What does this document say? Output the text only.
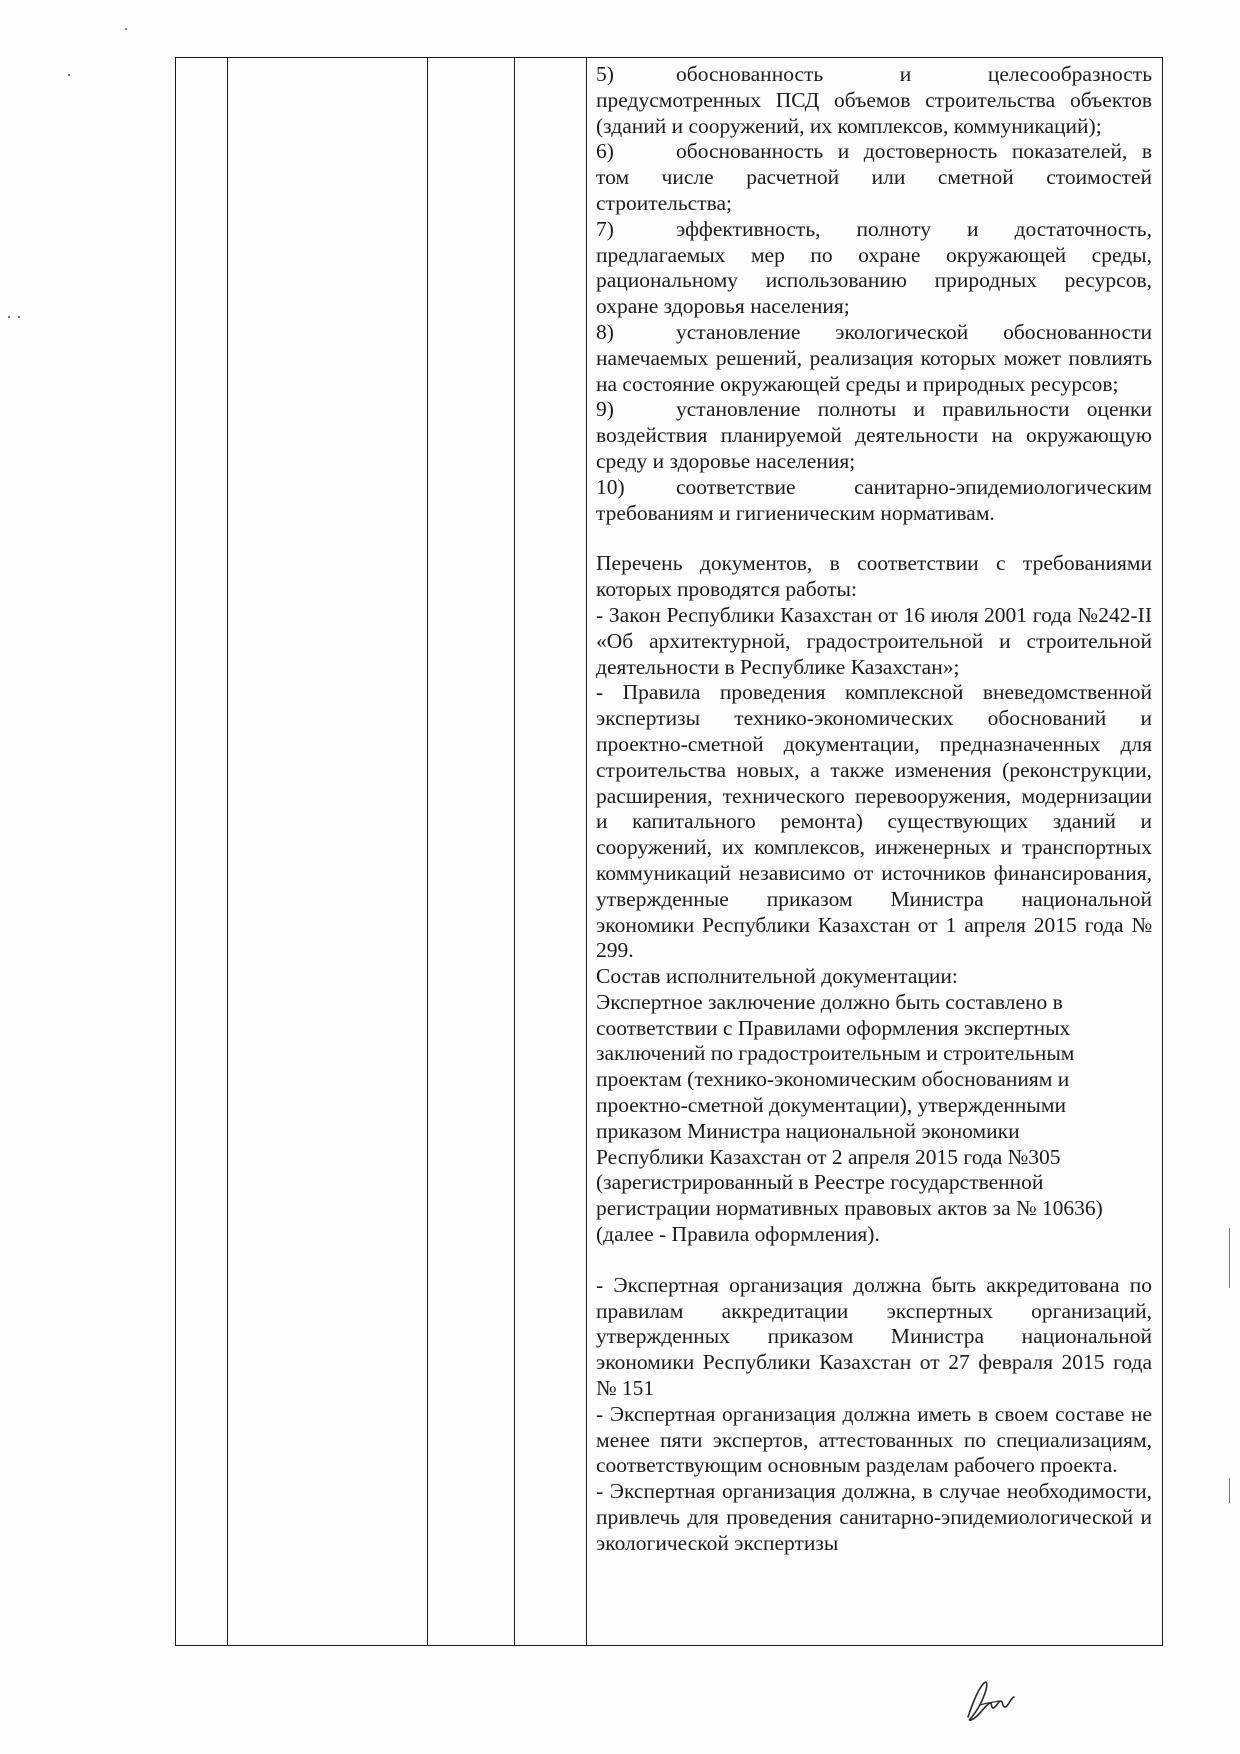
5)	обоснованность и целесообразность предусмотренных ПСД объемов строительства объектов (зданий и сооружений, их комплексов, коммуникаций);

6)	обоснованность и достоверность показателей, в том числе расчетной или сметной стоимостей строительства;

7)	эффективность, полноту и достаточность, предлагаемых мер по охране окружающей среды, рациональному использованию природных ресурсов, охране здоровья населения;

8)	установление экологической обоснованности намечаемых решений, реализация которых может повлиять на состояние окружающей среды и природных ресурсов;

9)	установление полноты и правильности оценки воздействия планируемой деятельности на окружающую среду и здоровье населения;

10) соответствие санитарно-эпидемиологическим требованиям и гигиеническим нормативам.

Перечень документов, в соответствии с требованиями которых проводятся работы:

- Закон Республики Казахстан от 16 июля 2001 года №242-II «Об архитектурной, градостроительной и строительной деятельности в Республике Казахстан»;

- Правила проведения комплексной вневедомственной экспертизы технико-экономических обоснований и проектно-сметной документации, предназначенных для строительства новых, а также изменения (реконструкции, расширения, технического перевооружения, модернизации и капитального ремонта) существующих зданий и сооружений, их комплексов, инженерных и транспортных коммуникаций независимо от источников финансирования, утвержденные приказом Министра национальной экономики Республики Казахстан от 1 апреля 2015 года № 299.

Состав исполнительной документации:

Экспертное заключение должно быть составлено в

соответствии с Правилами оформления экспертных

заключений по градостроительным и строительным

проектам (технико-экономическим обоснованиям и

проектно-сметной документации), утвержденными

приказом Министра национальной экономики

Республики Казахстан от 2 апреля 2015 года №305

(зарегистрированный в Реестре государственной

регистрации нормативных правовых актов за № 10636)

(далее - Правила оформления).

- Экспертная организация должна быть аккредитована по правилам аккредитации экспертных организаций, утвержденных приказом Министра национальной экономики Республики Казахстан от 27 февраля 2015 года № 151

- Экспертная организация должна иметь в своем составе не менее пяти экспертов, аттестованных по специализациям, соответствующим основным разделам рабочего проекта.

- Экспертная организация должна, в случае необходимости, привлечь для проведения санитарно-эпидемиологической и экологической экспертизы
